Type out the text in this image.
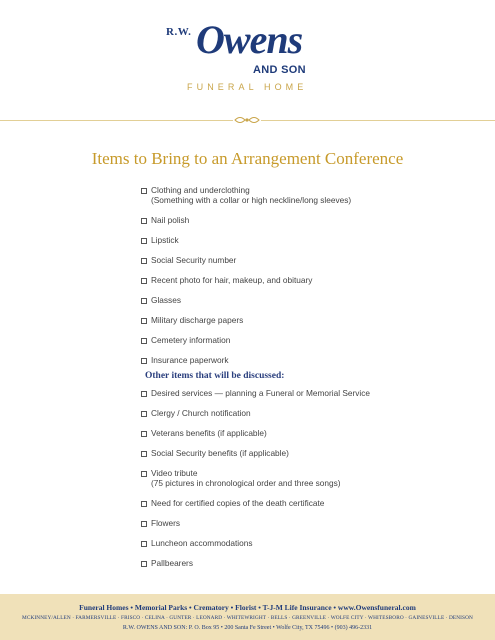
R.W. Owens
AND SON
FUNERAL HOME
Items to Bring to an Arrangement Conference
Clothing and underclothing
(Something with a collar or high neckline/long sleeves)
Nail polish
Lipstick
Social Security number
Recent photo for hair, makeup, and obituary
Glasses
Military discharge papers
Cemetery information
Insurance paperwork
Other items that will be discussed:
Desired services — planning a Funeral or Memorial Service
Clergy / Church notification
Veterans benefits (if applicable)
Social Security benefits (if applicable)
Video tribute
(75 pictures in chronological order and three songs)
Need for certified copies of the death certificate
Flowers
Luncheon accommodations
Pallbearers
Funeral Homes • Memorial Parks • Crematory • Florist • T-J-M Life Insurance • www.Owensfuneral.com
MCKINNEY/ALLEN · FARMERSVILLE · FRISCO · CELINA · GUNTER · LEONARD · WHITEWRIGHT · BELLS · GREENVILLE · WOLFE CITY · WHITESBORO · GAINESVILLE · DENISON
R.W. OWENS AND SON: P. O. Box 95 • 200 Santa Fe Street • Wolfe City, TX 75496 • (903) 496-2331
